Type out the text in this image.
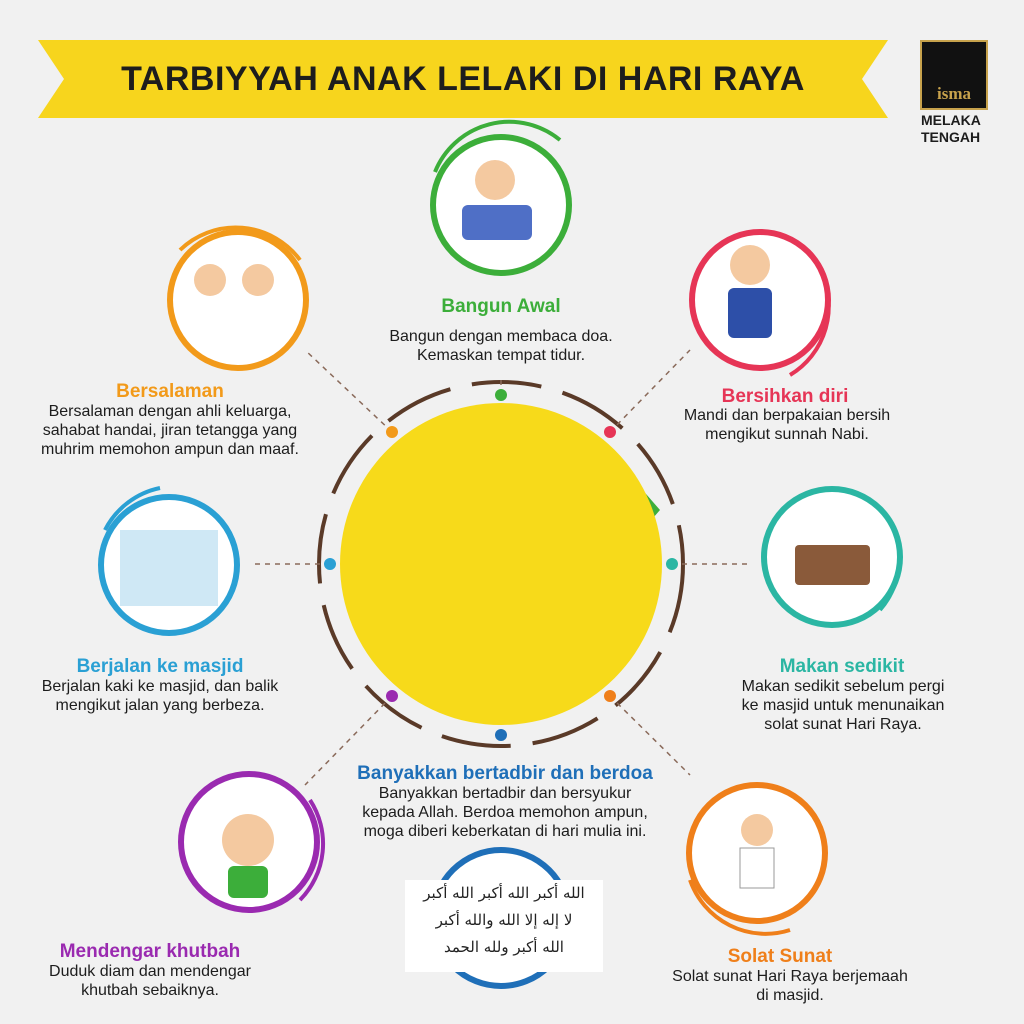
TARBIYYAH ANAK LELAKI DI HARI RAYA	isma
MELAKA
TENGAH
Bangun Awal
Bangun dengan membaca doa.
Kemaskan tempat tidur.
Bersihkan diri
Mandi dan berpakaian bersih
mengikut sunnah Nabi.
Makan sedikit
Makan sedikit sebelum pergi
ke masjid untuk menunaikan
solat sunat Hari Raya.
Solat Sunat
Solat sunat Hari Raya berjemaah
di masjid.
Banyakkan bertadbir dan berdoa
Banyakkan bertadbir dan bersyukur
kepada Allah. Berdoa memohon ampun,
moga diberi keberkatan di hari mulia ini.
Mendengar khutbah
Duduk diam dan mendengar
khutbah sebaiknya.
Berjalan ke masjid
Berjalan kaki ke masjid, dan balik
mengikut jalan yang berbeza.
Bersalaman
Bersalaman dengan ahli keluarga,
sahabat handai, jiran tetangga yang
muhrim memohon ampun dan maaf.
الله أكبر الله أكبر الله أكبر
لا إله إلا الله والله أكبر
الله أكبر ولله الحمد
